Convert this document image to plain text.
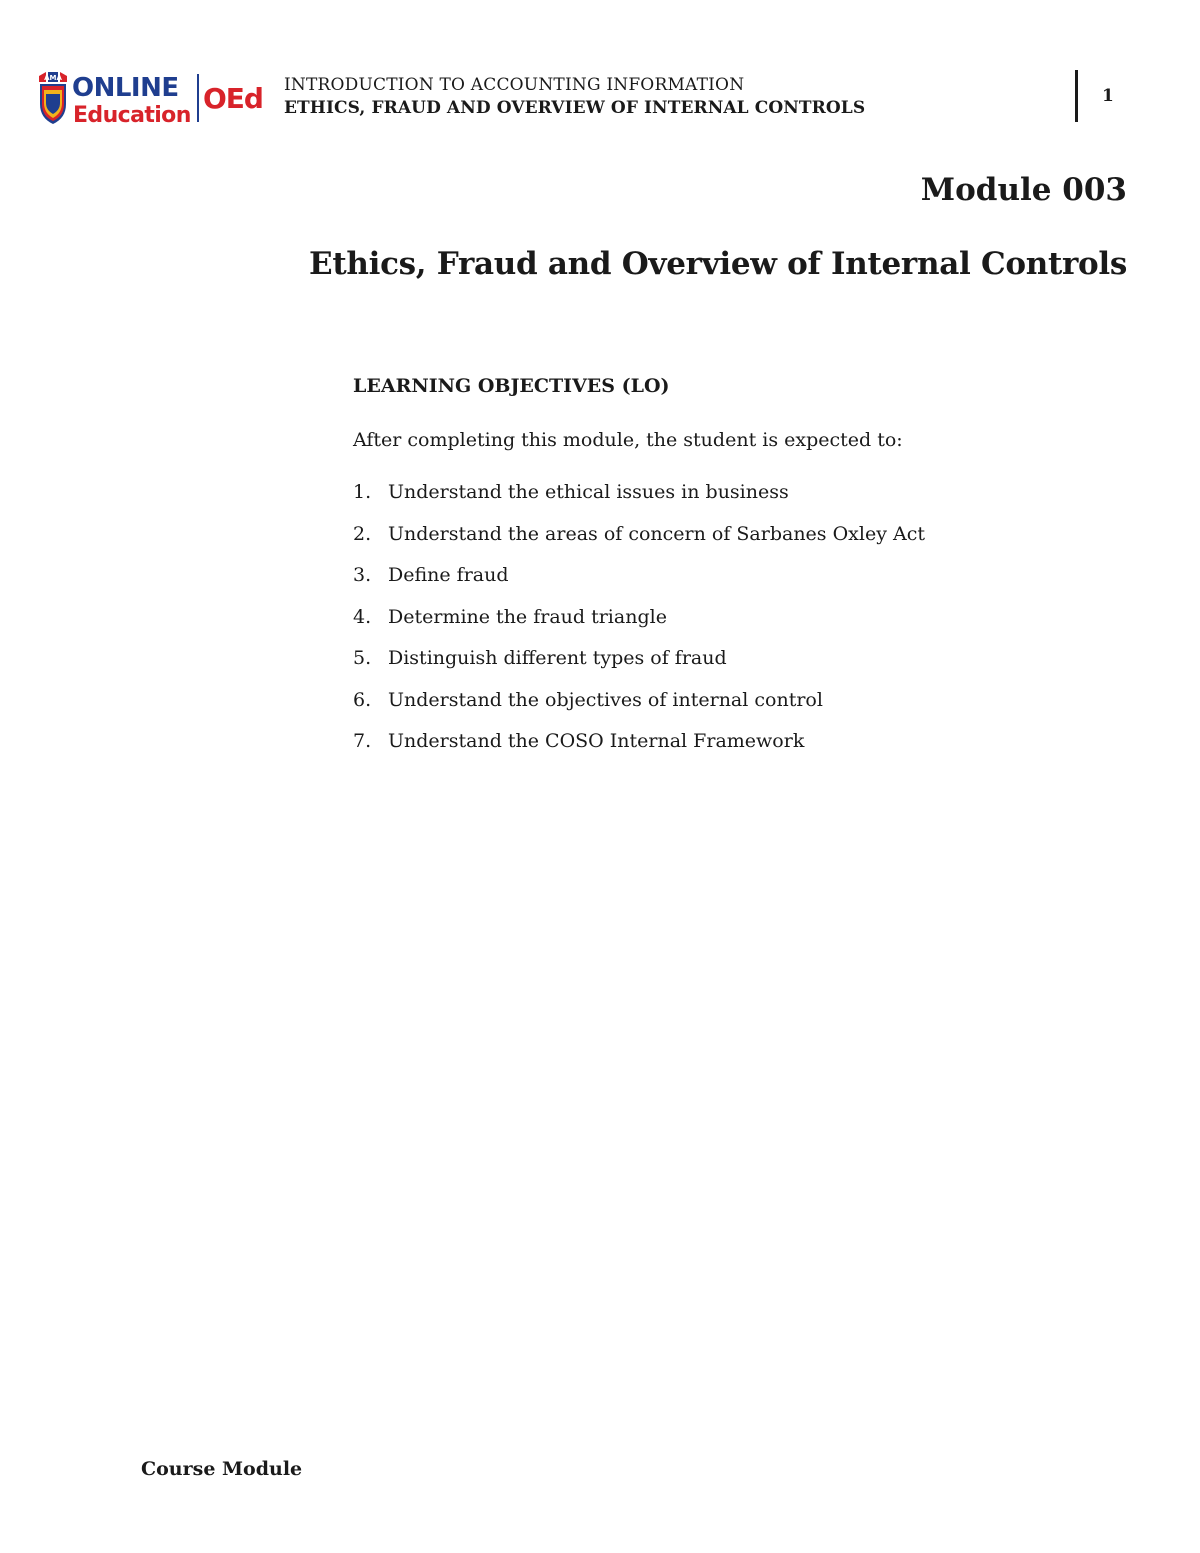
AMA ONLINE
Education
OEd INTRODUCTION TO ACCOUNTING INFORMATION
ETHICS, FRAUD AND OVERVIEW OF INTERNAL CONTROLS
1
Module 003
Ethics, Fraud and Overview of Internal Controls
LEARNING OBJECTIVES (LO)
After completing this module, the student is expected to:
1. Understand the ethical issues in business
2. Understand the areas of concern of Sarbanes Oxley Act
3. Define fraud
4. Determine the fraud triangle
5. Distinguish different types of fraud
6. Understand the objectives of internal control
7. Understand the COSO Internal Framework
Course Module
